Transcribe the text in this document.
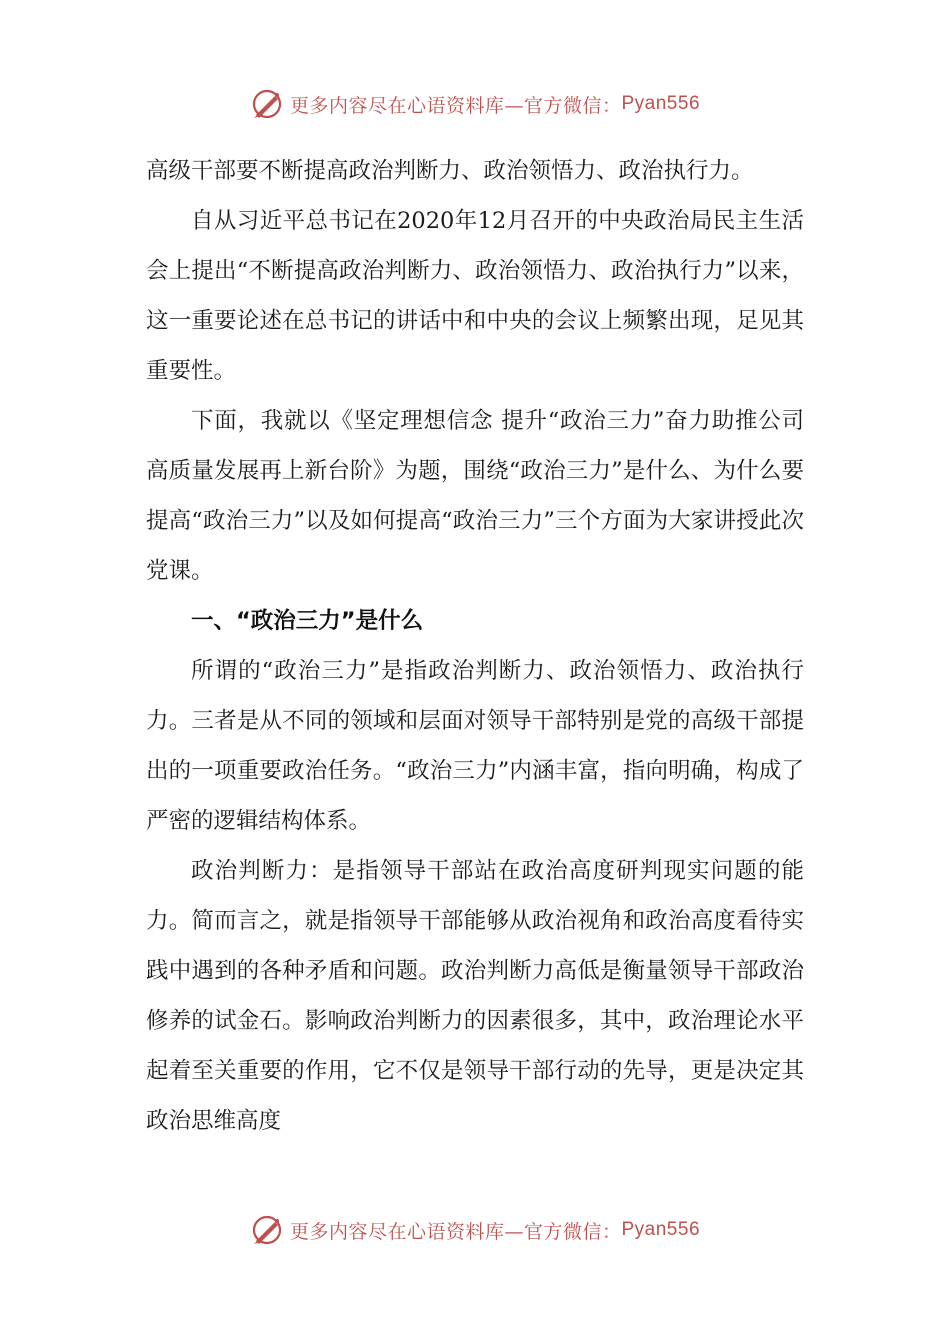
更多内容尽在心语资料库—官方微信： Pyan556

高级干部要不断提高政治判断力、政治领悟力、政治执行力。

自从习近平总书记在2020年12月召开的中央政治局民主生活会上提出“不断提高政治判断力、政治领悟力、政治执行力”以来，这一重要论述在总书记的讲话中和中央的会议上频繁出现，足见其重要性。

下面，我就以《坚定理想信念 提升“政治三力”奋力助推公司高质量发展再上新台阶》为题，围绕“政治三力”是什么、为什么要提高“政治三力”以及如何提高“政治三力”三个方面为大家讲授此次党课。

一、“政治三力”是什么

所谓的“政治三力”是指政治判断力、政治领悟力、政治执行力。三者是从不同的领域和层面对领导干部特别是党的高级干部提出的一项重要政治任务。“政治三力”内涵丰富，指向明确，构成了严密的逻辑结构体系。

政治判断力：是指领导干部站在政治高度研判现实问题的能力。简而言之，就是指领导干部能够从政治视角和政治高度看待实践中遇到的各种矛盾和问题。政治判断力高低是衡量领导干部政治修养的试金石。影响政治判断力的因素很多，其中，政治理论水平起着至关重要的作用，它不仅是领导干部行动的先导，更是决定其政治思维高度

更多内容尽在心语资料库—官方微信： Pyan556
